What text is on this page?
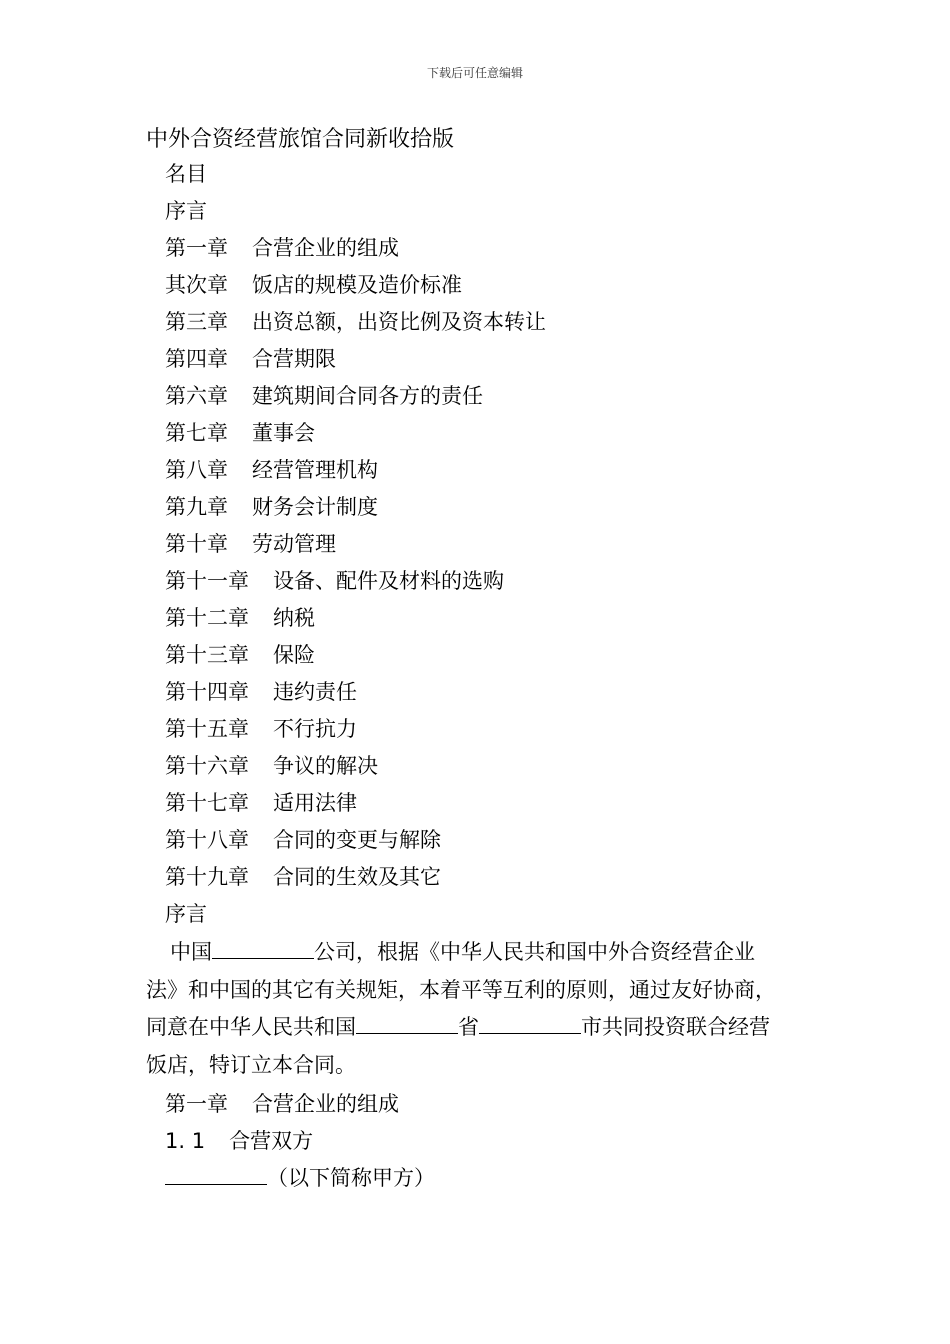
下载后可任意编辑
中外合资经营旅馆合同新收拾版
名目
序言
第一章 合营企业的组成
其次章 饭店的规模及造价标准
第三章 出资总额，出资比例及资本转让
第四章 合营期限
第六章 建筑期间合同各方的责任
第七章 董事会
第八章 经营管理机构
第九章 财务会计制度
第十章 劳动管理
第十一章 设备、配件及材料的选购
第十二章 纳税
第十三章 保险
第十四章 违约责任
第十五章 不行抗力
第十六章 争议的解决
第十七章 适用法律
第十八章 合同的变更与解除
第十九章 合同的生效及其它
序言
中国	公司，根据《中华人民共和国中外合资经营企业
法》和中国的其它有关规矩，本着平等互利的原则，通过友好协商，
同意在中华人民共和国	省	市共同投资联合经营
饭店，特订立本合同。
第一章 合营企业的组成
1. 1 合营双方
（以下简称甲方）
